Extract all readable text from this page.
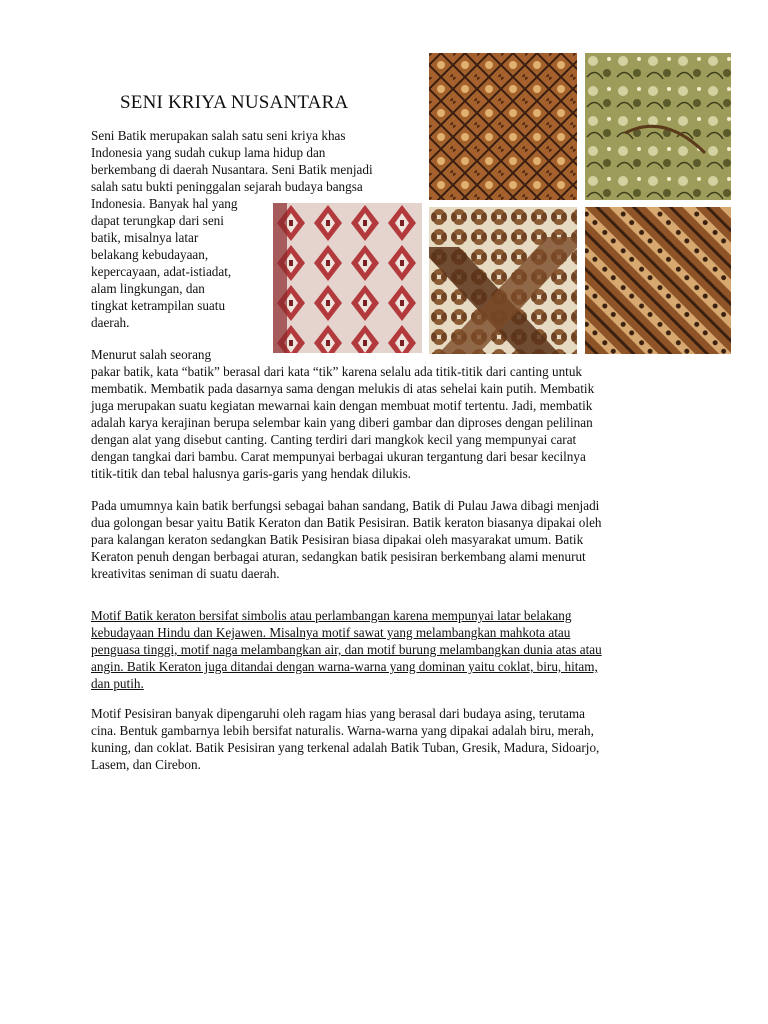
SENI KRIYA NUSANTARA

Seni Batik merupakan salah satu seni kriya khas

Indonesia yang sudah cukup lama hidup dan

berkembang di daerah Nusantara. Seni Batik menjadi

salah satu bukti peninggalan sejarah budaya bangsa

Indonesia. Banyak hal yang

dapat terungkap dari seni

batik, misalnya latar

belakang kebudayaan,

kepercayaan, adat-istiadat,

alam lingkungan, dan

tingkat ketrampilan suatu

daerah.

Menurut salah seorang

pakar batik, kata “batik” berasal dari kata “tik” karena selalu ada titik-titik dari canting untuk

membatik. Membatik pada dasarnya sama dengan melukis di atas sehelai kain putih. Membatik

juga merupakan suatu kegiatan mewarnai kain dengan membuat motif tertentu. Jadi, membatik

adalah karya kerajinan berupa selembar kain yang diberi gambar dan diproses dengan pelilinan

dengan alat yang disebut canting. Canting terdiri dari mangkok kecil yang mempunyai carat

dengan tangkai dari bambu. Carat mempunyai berbagai ukuran tergantung dari besar kecilnya

titik-titik dan tebal halusnya garis-garis yang hendak dilukis.

Pada umumnya kain batik berfungsi sebagai bahan sandang, Batik di Pulau Jawa dibagi menjadi

dua golongan besar yaitu Batik Keraton dan Batik Pesisiran. Batik keraton biasanya dipakai oleh

para kalangan keraton sedangkan Batik Pesisiran biasa dipakai oleh masyarakat umum. Batik

Keraton penuh dengan berbagai aturan, sedangkan batik pesisiran berkembang alami menurut

kreativitas seniman di suatu daerah.

Motif Batik keraton bersifat simbolis atau perlambangan karena mempunyai latar belakang

kebudayaan Hindu dan Kejawen. Misalnya motif sawat yang melambangkan mahkota atau

penguasa tinggi, motif naga melambangkan air, dan motif burung melambangkan dunia atas atau

angin. Batik Keraton juga ditandai dengan warna-warna yang dominan yaitu coklat, biru, hitam,

dan putih.

Motif Pesisiran banyak dipengaruhi oleh ragam hias yang berasal dari budaya asing, terutama

cina. Bentuk gambarnya lebih bersifat naturalis. Warna-warna yang dipakai adalah biru, merah,

kuning, dan coklat. Batik Pesisiran yang terkenal adalah Batik Tuban, Gresik, Madura, Sidoarjo,

Lasem, dan Cirebon.
